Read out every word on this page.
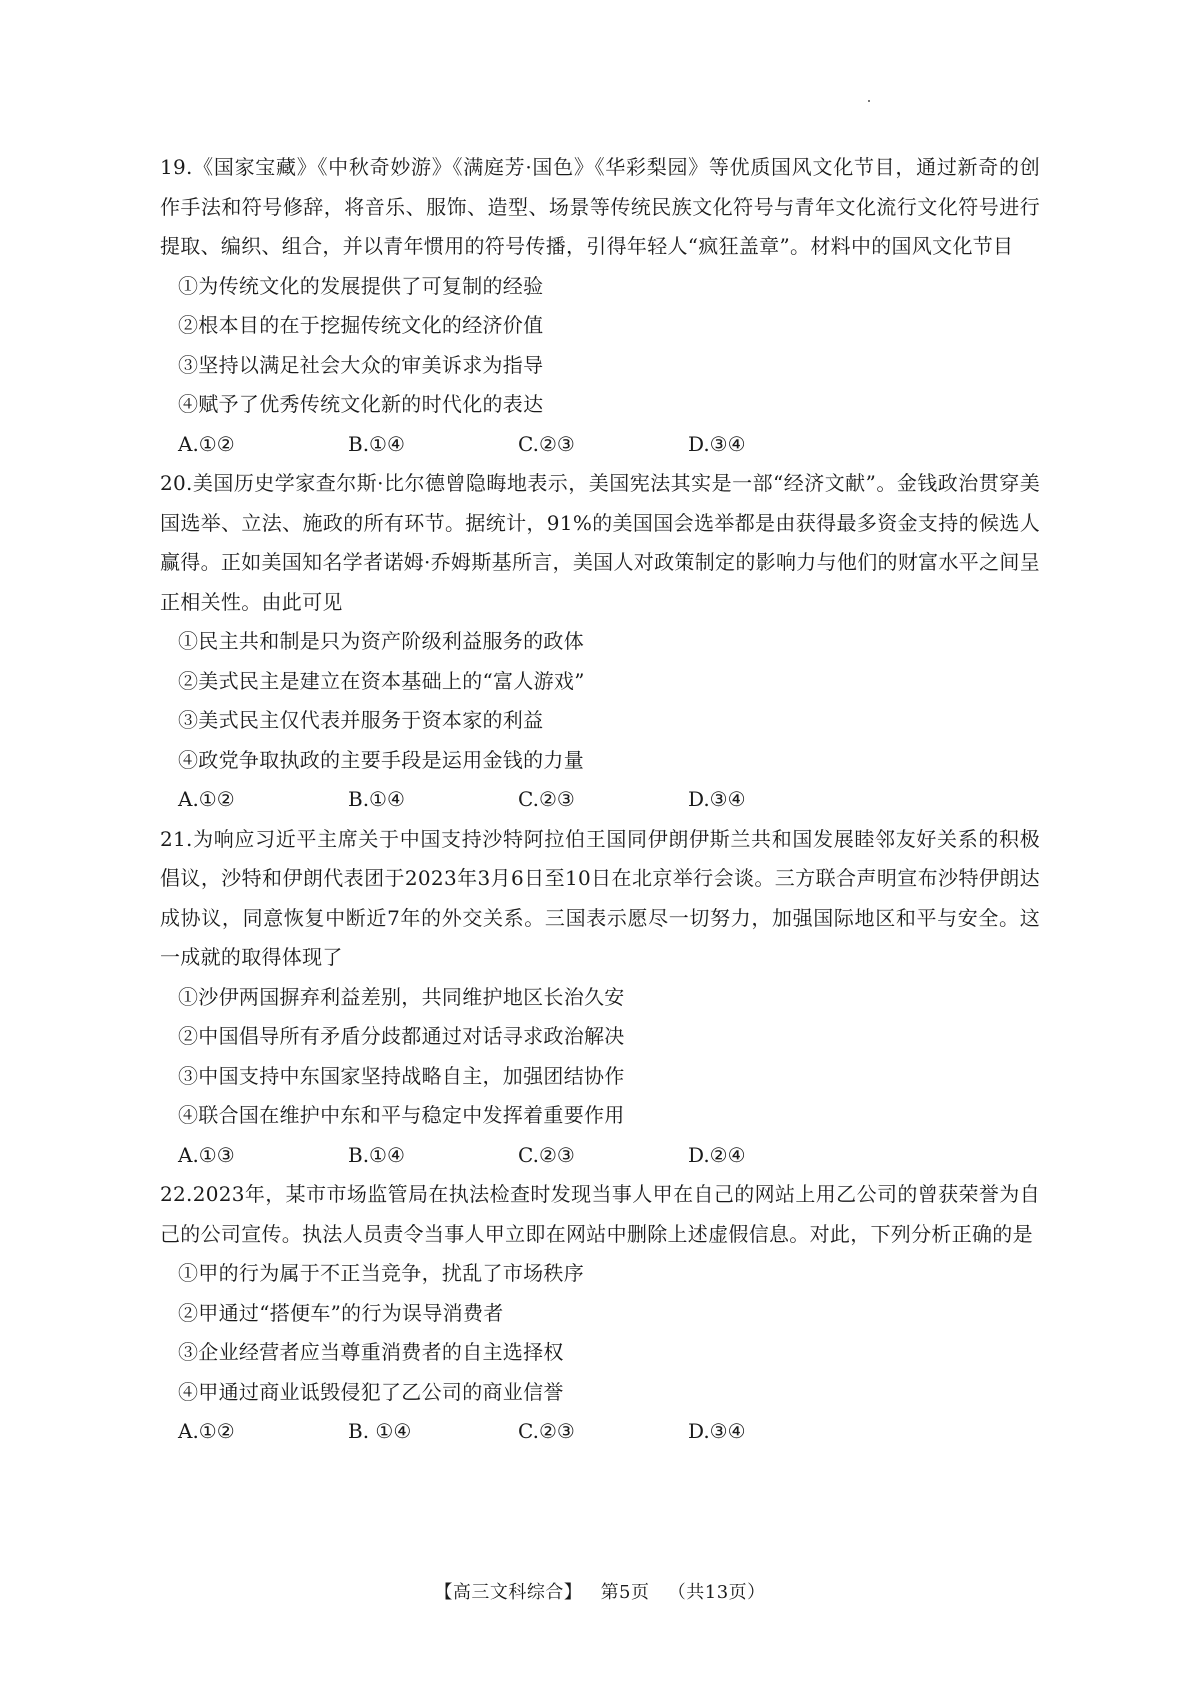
19.《国家宝藏》《中秋奇妙游》《满庭芳·国色》《华彩梨园》等优质国风文化节目，通过新奇的创作手法和符号修辞，将音乐、服饰、造型、场景等传统民族文化符号与青年文化流行文化符号进行提取、编织、组合，并以青年惯用的符号传播，引得年轻人“疯狂盖章”。材料中的国风文化节目
①为传统文化的发展提供了可复制的经验
②根本目的在于挖掘传统文化的经济价值
③坚持以满足社会大众的审美诉求为指导
④赋予了优秀传统文化新的时代化的表达
A.①②	B.①④	C.②③	D.③④
20.美国历史学家查尔斯·比尔德曾隐晦地表示，美国宪法其实是一部“经济文献”。金钱政治贯穿美国选举、立法、施政的所有环节。据统计，91%的美国国会选举都是由获得最多资金支持的候选人赢得。正如美国知名学者诺姆·乔姆斯基所言，美国人对政策制定的影响力与他们的财富水平之间呈正相关性。由此可见
①民主共和制是只为资产阶级利益服务的政体
②美式民主是建立在资本基础上的“富人游戏”
③美式民主仅代表并服务于资本家的利益
④政党争取执政的主要手段是运用金钱的力量
A.①②	B.①④	C.②③	D.③④
21.为响应习近平主席关于中国支持沙特阿拉伯王国同伊朗伊斯兰共和国发展睦邻友好关系的积极倡议，沙特和伊朗代表团于2023年3月6日至10日在北京举行会谈。三方联合声明宣布沙特伊朗达成协议，同意恢复中断近7年的外交关系。三国表示愿尽一切努力，加强国际地区和平与安全。这一成就的取得体现了
①沙伊两国摒弃利益差别，共同维护地区长治久安
②中国倡导所有矛盾分歧都通过对话寻求政治解决
③中国支持中东国家坚持战略自主，加强团结协作
④联合国在维护中东和平与稳定中发挥着重要作用
A.①③	B.①④	C.②③	D.②④
22.2023年，某市市场监管局在执法检查时发现当事人甲在自己的网站上用乙公司的曾获荣誉为自己的公司宣传。执法人员责令当事人甲立即在网站中删除上述虚假信息。对此，下列分析正确的是
①甲的行为属于不正当竞争，扰乱了市场秩序
②甲通过“搭便车”的行为误导消费者
③企业经营者应当尊重消费者的自主选择权
④甲通过商业诋毁侵犯了乙公司的商业信誉
A.①②	B. ①④	C.②③	D.③④
【高三文科综合】 第5页 （共13页）
